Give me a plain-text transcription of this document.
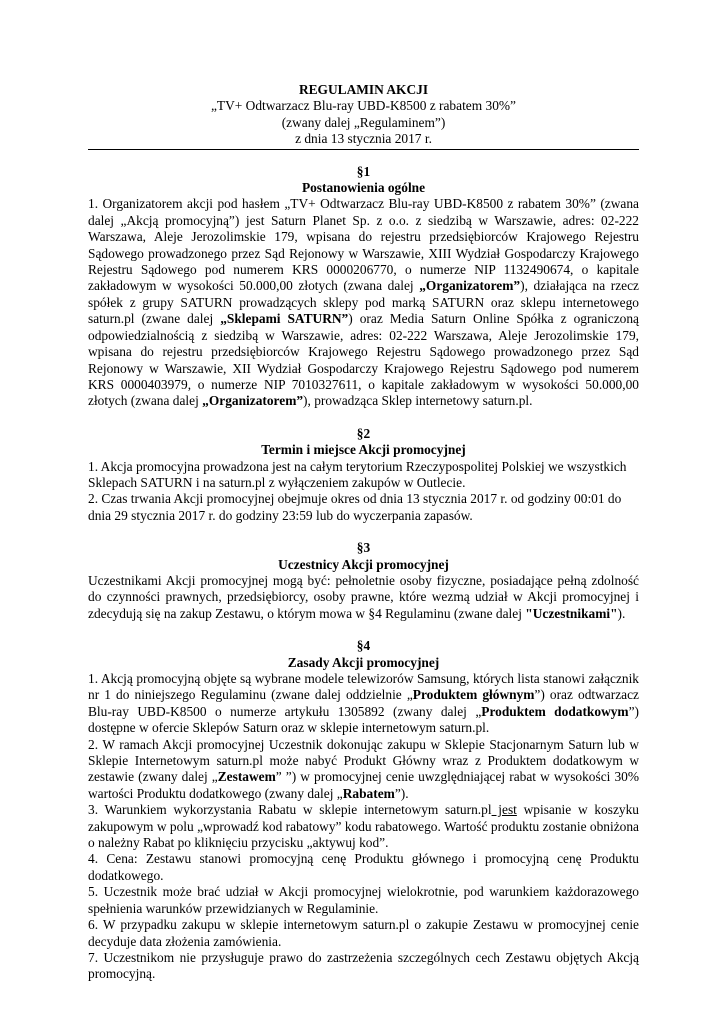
REGULAMIN AKCJI
„TV+ Odtwarzacz Blu-ray UBD-K8500 z rabatem 30%”
(zwany dalej „Regulaminem”)
z dnia 13 stycznia 2017 r.
§1
Postanowienia ogólne
1. Organizatorem akcji pod hasłem „TV+ Odtwarzacz Blu-ray UBD-K8500 z rabatem 30%” (zwana dalej „Akcją promocyjną”) jest Saturn Planet Sp. z o.o. z siedzibą w Warszawie, adres: 02-222 Warszawa, Aleje Jerozolimskie 179, wpisana do rejestru przedsiębiorców Krajowego Rejestru Sądowego prowadzonego przez Sąd Rejonowy w Warszawie, XIII Wydział Gospodarczy Krajowego Rejestru Sądowego pod numerem KRS 0000206770, o numerze NIP 1132490674, o kapitale zakładowym w wysokości 50.000,00 złotych (zwana dalej „Organizatorem”), działająca na rzecz spółek z grupy SATURN prowadzących sklepy pod marką SATURN oraz sklepu internetowego saturn.pl (zwane dalej „Sklepami SATURN”) oraz Media Saturn Online Spółka z ograniczoną odpowiedzialnością z siedzibą w Warszawie, adres: 02-222 Warszawa, Aleje Jerozolimskie 179, wpisana do rejestru przedsiębiorców Krajowego Rejestru Sądowego prowadzonego przez Sąd Rejonowy w Warszawie, XII Wydział Gospodarczy Krajowego Rejestru Sądowego pod numerem KRS 0000403979, o numerze NIP 7010327611, o kapitale zakładowym w wysokości 50.000,00 złotych (zwana dalej „Organizatorem”), prowadząca Sklep internetowy saturn.pl.
§2
Termin i miejsce Akcji promocyjnej
1. Akcja promocyjna prowadzona jest na całym terytorium Rzeczypospolitej Polskiej we wszystkich Sklepach SATURN i na saturn.pl z wyłączeniem zakupów w Outlecie.
2. Czas trwania Akcji promocyjnej obejmuje okres od dnia 13 stycznia 2017 r. od godziny 00:01 do dnia 29 stycznia 2017 r. do godziny 23:59 lub do wyczerpania zapasów.
§3
Uczestnicy Akcji promocyjnej
Uczestnikami Akcji promocyjnej mogą być: pełnoletnie osoby fizyczne, posiadające pełną zdolność do czynności prawnych, przedsiębiorcy, osoby prawne, które wezmą udział w Akcji promocyjnej i zdecydują się na zakup Zestawu, o którym mowa w §4 Regulaminu (zwane dalej "Uczestnikami").
§4
Zasady Akcji promocyjnej
1. Akcją promocyjną objęte są wybrane modele telewizorów Samsung, których lista stanowi załącznik nr 1 do niniejszego Regulaminu (zwane dalej oddzielnie „Produktem głównym”) oraz odtwarzacz Blu-ray UBD-K8500 o numerze artykułu 1305892 (zwany dalej „Produktem dodatkowym”) dostępne w ofercie Sklepów Saturn oraz w sklepie internetowym saturn.pl.
2. W ramach Akcji promocyjnej Uczestnik dokonując zakupu w Sklepie Stacjonarnym Saturn lub w Sklepie Internetowym saturn.pl może nabyć Produkt Główny wraz z Produktem dodatkowym w zestawie (zwany dalej „Zestawem” ”) w promocyjnej cenie uwzględniającej rabat w wysokości 30% wartości Produktu dodatkowego (zwany dalej „Rabatem”).
3. Warunkiem wykorzystania Rabatu w sklepie internetowym saturn.pl jest wpisanie w koszyku zakupowym w polu „wprowadź kod rabatowy” kodu rabatowego. Wartość produktu zostanie obniżona o należny Rabat po kliknięciu przycisku „aktywuj kod”.
4. Cena: Zestawu stanowi promocyjną cenę Produktu głównego i promocyjną cenę Produktu dodatkowego.
5. Uczestnik może brać udział w Akcji promocyjnej wielokrotnie, pod warunkiem każdorazowego spełnienia warunków przewidzianych w Regulaminie.
6. W przypadku zakupu w sklepie internetowym saturn.pl o zakupie Zestawu w promocyjnej cenie decyduje data złożenia zamówienia.
7. Uczestnikom nie przysługuje prawo do zastrzeżenia szczególnych cech Zestawu objętych Akcją promocyjną.
